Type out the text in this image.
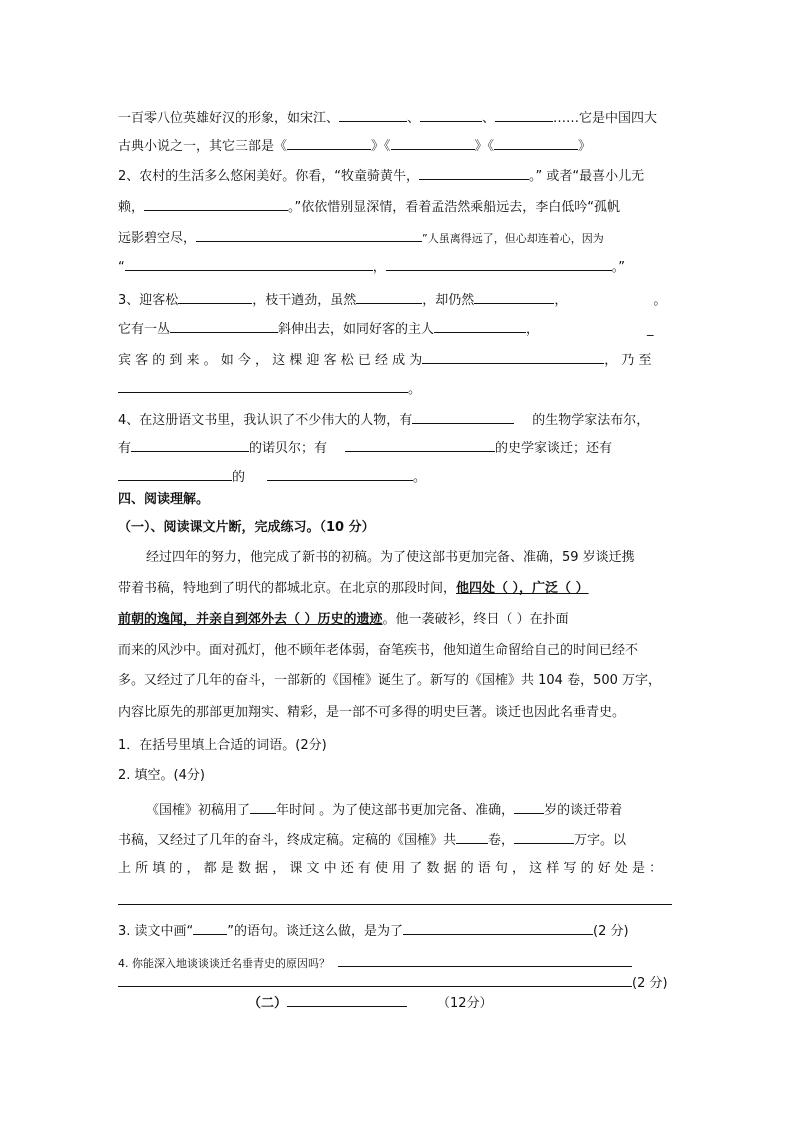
一百零八位英雄好汉的形象，如宋江、	、	、	……它是中国四大
古典小说之一，其它三部是《	》《	》《	》
2、农村的生活多么悠闲美好。你看，“牧童骑黄牛，	。” 或者“最喜小儿无
赖，	。”依依惜别显深情，看着孟浩然乘船远去，李白低吟“孤帆
远影碧空尽，	”人虽离得远了，但心却连着心，因为
“	，	。”
3、迎客松	，枝干遒劲，虽然	，却仍然	，	。
它有一丛	斜伸出去，如同好客的主人	，	_
宾 客 的 到 来 。 如 今 ， 这 棵 迎 客 松 已 经 成 为	， 乃 至
。
4、在这册语文书里，我认识了不少伟大的人物，有	的生物学家法布尔，
有	的诺贝尔；有	的史学家谈迁；还有
的	。
四、阅读理解。
（一）、阅读课文片断，完成练习。（10 分）
经过四年的努力，他完成了新书的初稿。为了使这部书更加完备、准确，59 岁谈迁携
带着书稿，特地到了明代的都城北京。在北京的那段时间，他四处（ ），广泛（ ）
前朝的逸闻，并亲自到郊外去（ ）历史的遗迹。他一袭破衫，终日（ ）在扑面
而来的风沙中。面对孤灯，他不顾年老体弱，奋笔疾书，他知道生命留给自己的时间已经不
多。又经过了几年的奋斗，一部新的《国榷》诞生了。新写的《国榷》共 104 卷，500 万字，
内容比原先的那部更加翔实、精彩，是一部不可多得的明史巨著。谈迁也因此名垂青史。
1．在括号里填上合适的词语。(2分)
2. 填空。(4分)
《国榷》初稿用了 年时间 。为了使这部书更加完备、准确， 岁的谈迁带着
书稿，又经过了几年的奋斗，终成定稿。定稿的《国榷》共 卷，	万字。以
上 所 填 的 ， 都 是 数 据 ， 课 文 中 还 有 使 用 了 数 据 的 语 句 ， 这 样 写 的 好 处 是 ：
3. 读文中画“	”的语句。谈迁这么做，是为了	(2 分)
4. 你能深入地谈谈谈迁名垂青史的原因吗？
(2 分)
（二）	（12分）
